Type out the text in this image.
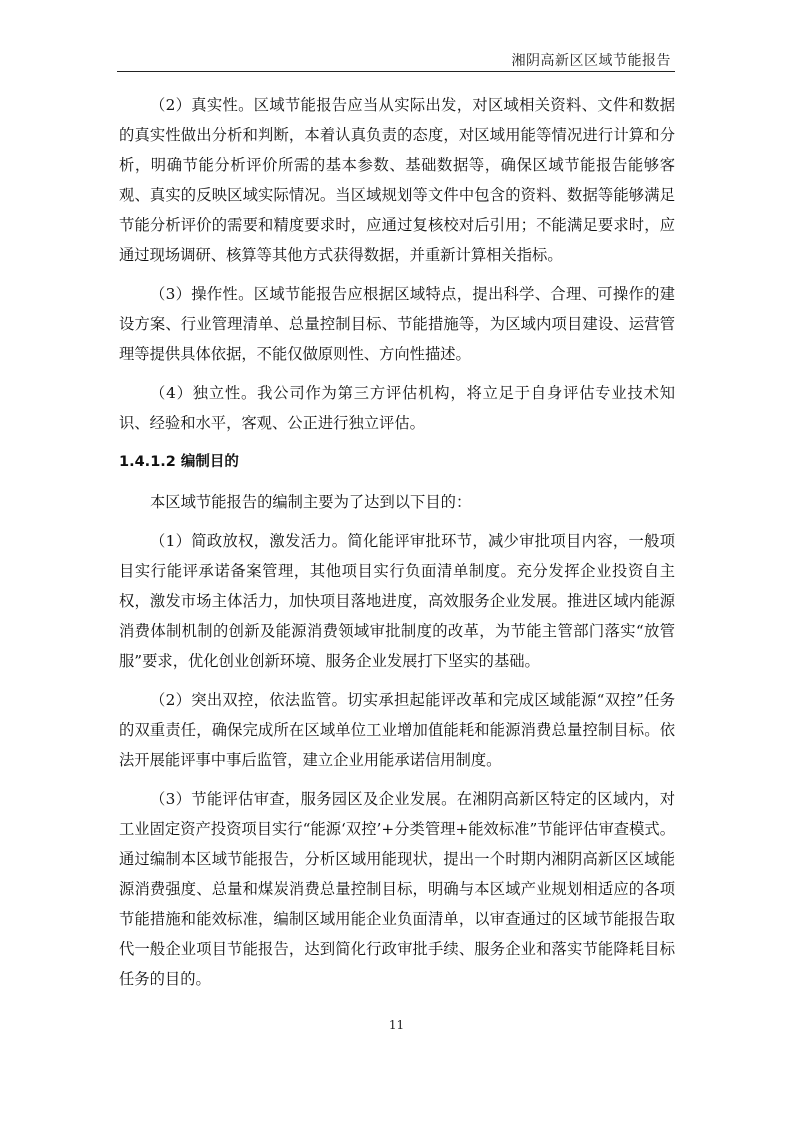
湘阴高新区区域节能报告

（2）真实性。区域节能报告应当从实际出发，对区域相关资料、文件和数据的真实性做出分析和判断，本着认真负责的态度，对区域用能等情况进行计算和分析，明确节能分析评价所需的基本参数、基础数据等，确保区域节能报告能够客观、真实的反映区域实际情况。当区域规划等文件中包含的资料、数据等能够满足节能分析评价的需要和精度要求时，应通过复核校对后引用；不能满足要求时，应通过现场调研、核算等其他方式获得数据，并重新计算相关指标。

（3）操作性。区域节能报告应根据区域特点，提出科学、合理、可操作的建设方案、行业管理清单、总量控制目标、节能措施等，为区域内项目建设、运营管理等提供具体依据，不能仅做原则性、方向性描述。

（4）独立性。我公司作为第三方评估机构，将立足于自身评估专业技术知识、经验和水平，客观、公正进行独立评估。

1.4.1.2 编制目的

本区域节能报告的编制主要为了达到以下目的：

（1）简政放权，激发活力。简化能评审批环节，减少审批项目内容，一般项目实行能评承诺备案管理，其他项目实行负面清单制度。充分发挥企业投资自主权，激发市场主体活力，加快项目落地进度，高效服务企业发展。推进区域内能源消费体制机制的创新及能源消费领域审批制度的改革，为节能主管部门落实“放管服”要求，优化创业创新环境、服务企业发展打下坚实的基础。

（2）突出双控，依法监管。切实承担起能评改革和完成区域能源“双控”任务的双重责任，确保完成所在区域单位工业增加值能耗和能源消费总量控制目标。依法开展能评事中事后监管，建立企业用能承诺信用制度。

（3）节能评估审查，服务园区及企业发展。在湘阴高新区特定的区域内，对工业固定资产投资项目实行“能源‘双控’+分类管理+能效标准”节能评估审查模式。通过编制本区域节能报告，分析区域用能现状，提出一个时期内湘阴高新区区域能源消费强度、总量和煤炭消费总量控制目标，明确与本区域产业规划相适应的各项节能措施和能效标准，编制区域用能企业负面清单，以审查通过的区域节能报告取代一般企业项目节能报告，达到简化行政审批手续、服务企业和落实节能降耗目标任务的目的。

11
